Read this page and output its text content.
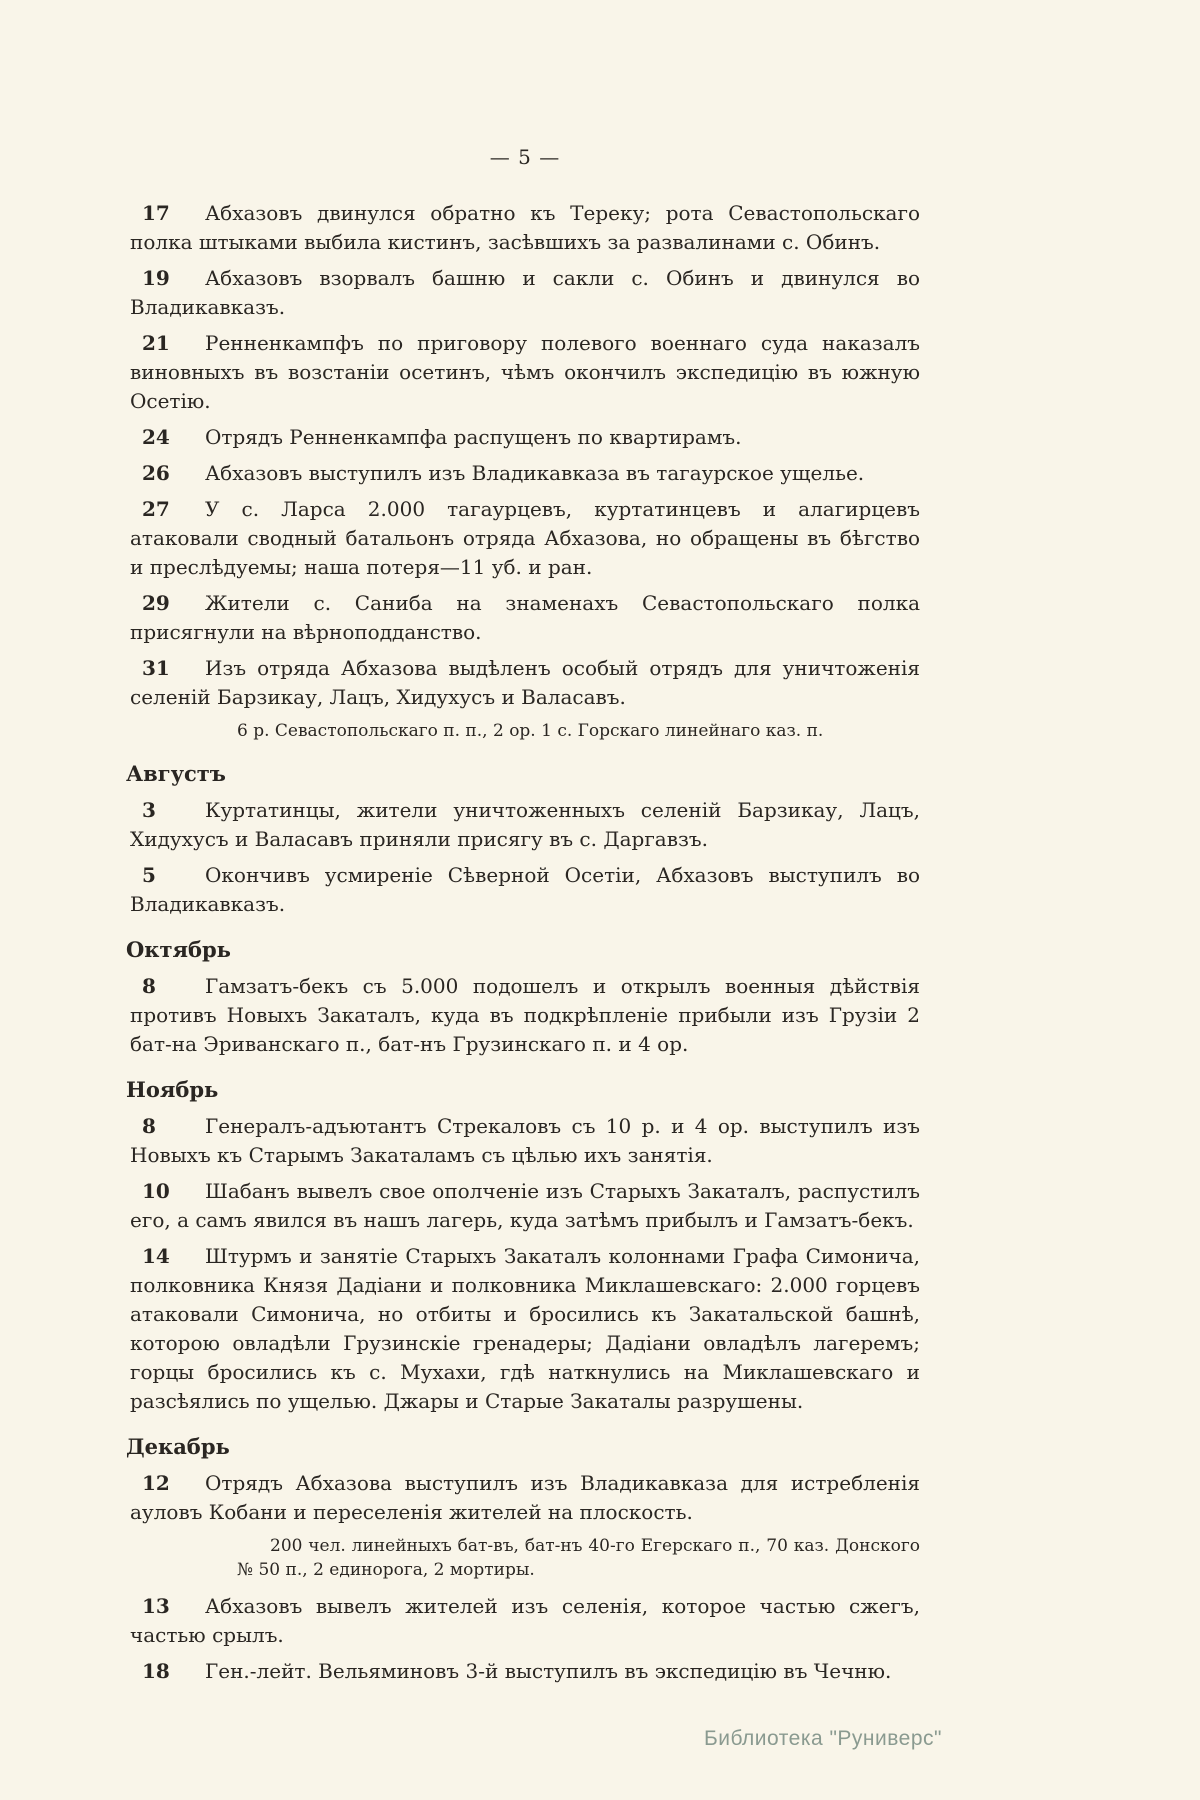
— 5 —

17	Абхазовъ двинулся обратно къ Тереку; рота Севастопольскаго полка штыками выбила кистинъ, засѣвшихъ за развалинами с. Обинъ.
19	Абхазовъ взорвалъ башню и сакли с. Обинъ и двинулся во Владикавказъ.
21	Ренненкампфъ по приговору полевого военнаго суда наказалъ виновныхъ въ возстаніи осетинъ, чѣмъ окончилъ экспедицію въ южную Осетію.
24	Отрядъ Ренненкампфа распущенъ по квартирамъ.
26	Абхазовъ выступилъ изъ Владикавказа въ тагаурское ущелье.
27	У с. Ларса 2.000 тагаурцевъ, куртатинцевъ и алагирцевъ атаковали сводный батальонъ отряда Абхазова, но обращены въ бѣгство и преслѣдуемы; наша потеря—11 уб. и ран.
29	Жители с. Саниба на знаменахъ Севастопольскаго полка присягнули на вѣрноподданство.
31	Изъ отряда Абхазова выдѣленъ особый отрядъ для уничтоженія селеній Барзикау, Лацъ, Хидухусъ и Валасавъ.

6 р. Севастопольскаго п. п., 2 ор. 1 с. Горскаго линейнаго каз. п.

Августъ
3	Куртатинцы, жители уничтоженныхъ селеній Барзикау, Лацъ, Хидухусъ и Валасавъ приняли присягу въ с. Даргавзъ.
5	Окончивъ усмиреніе Сѣверной Осетіи, Абхазовъ выступилъ во Владикавказъ.
Октябрь
8	Гамзатъ-бекъ съ 5.000 подошелъ и открылъ военныя дѣйствія противъ Новыхъ Закаталъ, куда въ подкрѣпленіе прибыли изъ Грузіи 2 бат-на Эриванскаго п., бат-нъ Грузинскаго п. и 4 ор.
Ноябрь
8	Генералъ-адъютантъ Стрекаловъ съ 10 р. и 4 ор. выступилъ изъ Новыхъ къ Старымъ Закаталамъ съ цѣлью ихъ занятія.
10	Шабанъ вывелъ свое ополченіе изъ Старыхъ Закаталъ, распустилъ его, а самъ явился въ нашъ лагерь, куда затѣмъ прибылъ и Гамзатъ-бекъ.
14	Штурмъ и занятіе Старыхъ Закаталъ колоннами Графа Симонича, полковника Князя Дадіани и полковника Миклашевскаго: 2.000 горцевъ атаковали Симонича, но отбиты и бросились къ Закатальской башнѣ, которою овладѣли Грузинскіе гренадеры; Дадіани овладѣлъ лагеремъ; горцы бросились къ с. Мухахи, гдѣ наткнулись на Миклашевскаго и разсѣялись по ущелью. Джары и Старые Закаталы разрушены.
Декабрь
12	Отрядъ Абхазова выступилъ изъ Владикавказа для истребленія ауловъ Кобани и переселенія жителей на плоскость.

200 чел. линейныхъ бат-въ, бат-нъ 40-го Егерскаго п., 70 каз. Донского № 50 п., 2 единорога, 2 мортиры.

13	Абхазовъ вывелъ жителей изъ селенія, которое частью сжегъ, частью срылъ.
18	Ген.-лейт. Вельяминовъ 3-й выступилъ въ экспедицію въ Чечню.
Библиотека "Руниверс"
